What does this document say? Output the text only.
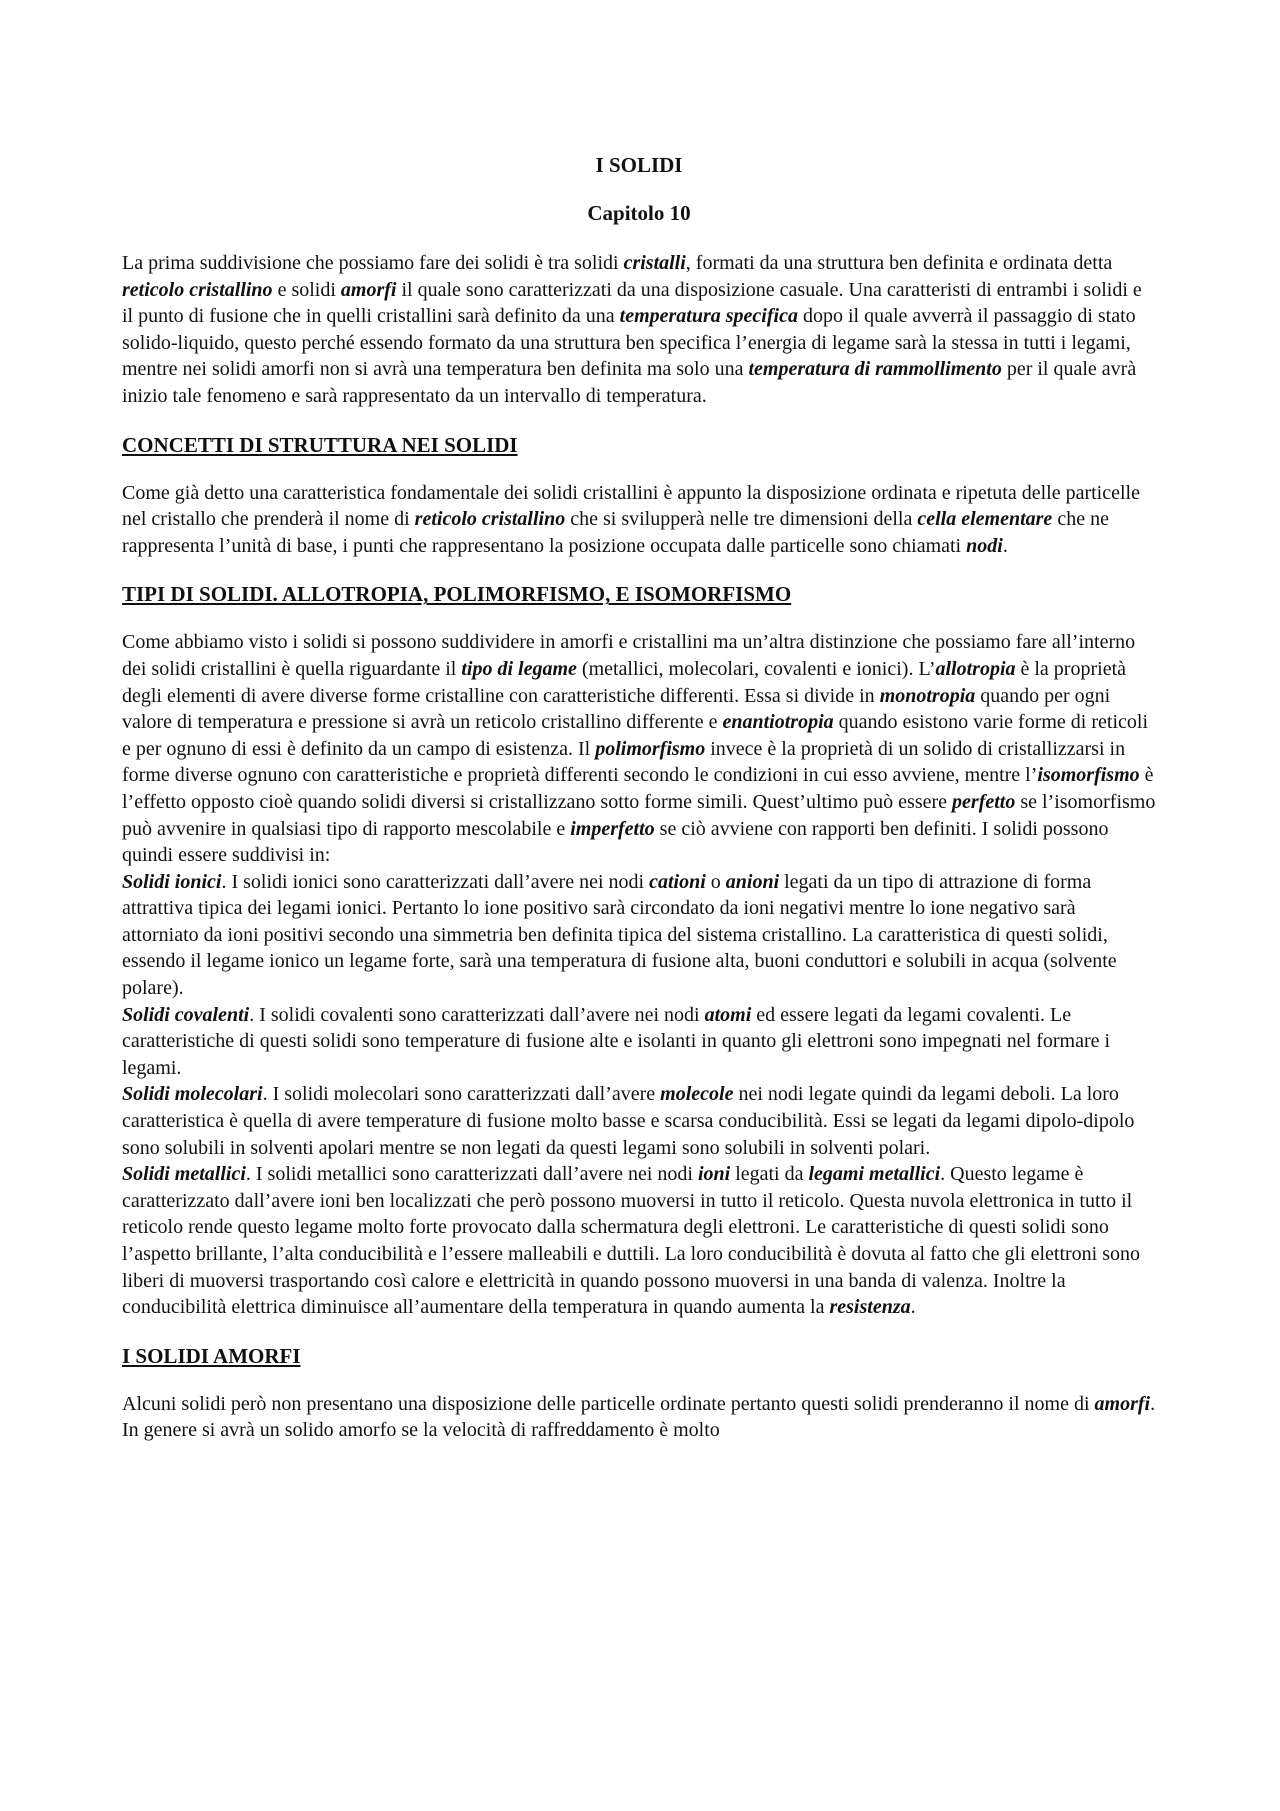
I SOLIDI
Capitolo 10

La prima suddivisione che possiamo fare dei solidi è tra solidi cristalli, formati da una struttura ben definita e ordinata detta reticolo cristallino e solidi amorfi il quale sono caratterizzati da una disposizione casuale. Una caratteristi di entrambi i solidi e il punto di fusione che in quelli cristallini sarà definito da una temperatura specifica dopo il quale avverrà il passaggio di stato solido-liquido, questo perché essendo formato da una struttura ben specifica l’energia di legame sarà la stessa in tutti i legami, mentre nei solidi amorfi non si avrà una temperatura ben definita ma solo una temperatura di rammollimento per il quale avrà inizio tale fenomeno e sarà rappresentato da un intervallo di temperatura.

CONCETTI DI STRUTTURA NEI SOLIDI

Come già detto una caratteristica fondamentale dei solidi cristallini è appunto la disposizione ordinata e ripetuta delle particelle nel cristallo che prenderà il nome di reticolo cristallino che si svilupperà nelle tre dimensioni della cella elementare che ne rappresenta l’unità di base, i punti che rappresentano la posizione occupata dalle particelle sono chiamati nodi.

TIPI DI SOLIDI. ALLOTROPIA, POLIMORFISMO, E ISOMORFISMO

Come abbiamo visto i solidi si possono suddividere in amorfi e cristallini ma un’altra distinzione che possiamo fare all’interno dei solidi cristallini è quella riguardante il tipo di legame (metallici, molecolari, covalenti e ionici). L’allotropia è la proprietà degli elementi di avere diverse forme cristalline con caratteristiche differenti. Essa si divide in monotropia quando per ogni valore di temperatura e pressione si avrà un reticolo cristallino differente e enantiotropia quando esistono varie forme di reticoli e per ognuno di essi è definito da un campo di esistenza. Il polimorfismo invece è la proprietà di un solido di cristallizzarsi in forme diverse ognuno con caratteristiche e proprietà differenti secondo le condizioni in cui esso avviene, mentre l’isomorfismo è l’effetto opposto cioè quando solidi diversi si cristallizzano sotto forme simili. Quest’ultimo può essere perfetto se l’isomorfismo può avvenire in qualsiasi tipo di rapporto mescolabile e imperfetto se ciò avviene con rapporti ben definiti. I solidi possono quindi essere suddivisi in:

Solidi ionici. I solidi ionici sono caratterizzati dall’avere nei nodi cationi o anioni legati da un tipo di attrazione di forma attrattiva tipica dei legami ionici. Pertanto lo ione positivo sarà circondato da ioni negativi mentre lo ione negativo sarà attorniato da ioni positivi secondo una simmetria ben definita tipica del sistema cristallino. La caratteristica di questi solidi, essendo il legame ionico un legame forte, sarà una temperatura di fusione alta, buoni conduttori e solubili in acqua (solvente polare).

Solidi covalenti. I solidi covalenti sono caratterizzati dall’avere nei nodi atomi ed essere legati da legami covalenti. Le caratteristiche di questi solidi sono temperature di fusione alte e isolanti in quanto gli elettroni sono impegnati nel formare i legami.

Solidi molecolari. I solidi molecolari sono caratterizzati dall’avere molecole nei nodi legate quindi da legami deboli. La loro caratteristica è quella di avere temperature di fusione molto basse e scarsa conducibilità. Essi se legati da legami dipolo-dipolo sono solubili in solventi apolari mentre se non legati da questi legami sono solubili in solventi polari.

Solidi metallici. I solidi metallici sono caratterizzati dall’avere nei nodi ioni legati da legami metallici. Questo legame è caratterizzato dall’avere ioni ben localizzati che però possono muoversi in tutto il reticolo. Questa nuvola elettronica in tutto il reticolo rende questo legame molto forte provocato dalla schermatura degli elettroni. Le caratteristiche di questi solidi sono l’aspetto brillante, l’alta conducibilità e l’essere malleabili e duttili. La loro conducibilità è dovuta al fatto che gli elettroni sono liberi di muoversi trasportando così calore e elettricità in quando possono muoversi in una banda di valenza. Inoltre la conducibilità elettrica diminuisce all’aumentare della temperatura in quando aumenta la resistenza.

I SOLIDI AMORFI

Alcuni solidi però non presentano una disposizione delle particelle ordinate pertanto questi solidi prenderanno il nome di amorfi. In genere si avrà un solido amorfo se la velocità di raffreddamento è molto
